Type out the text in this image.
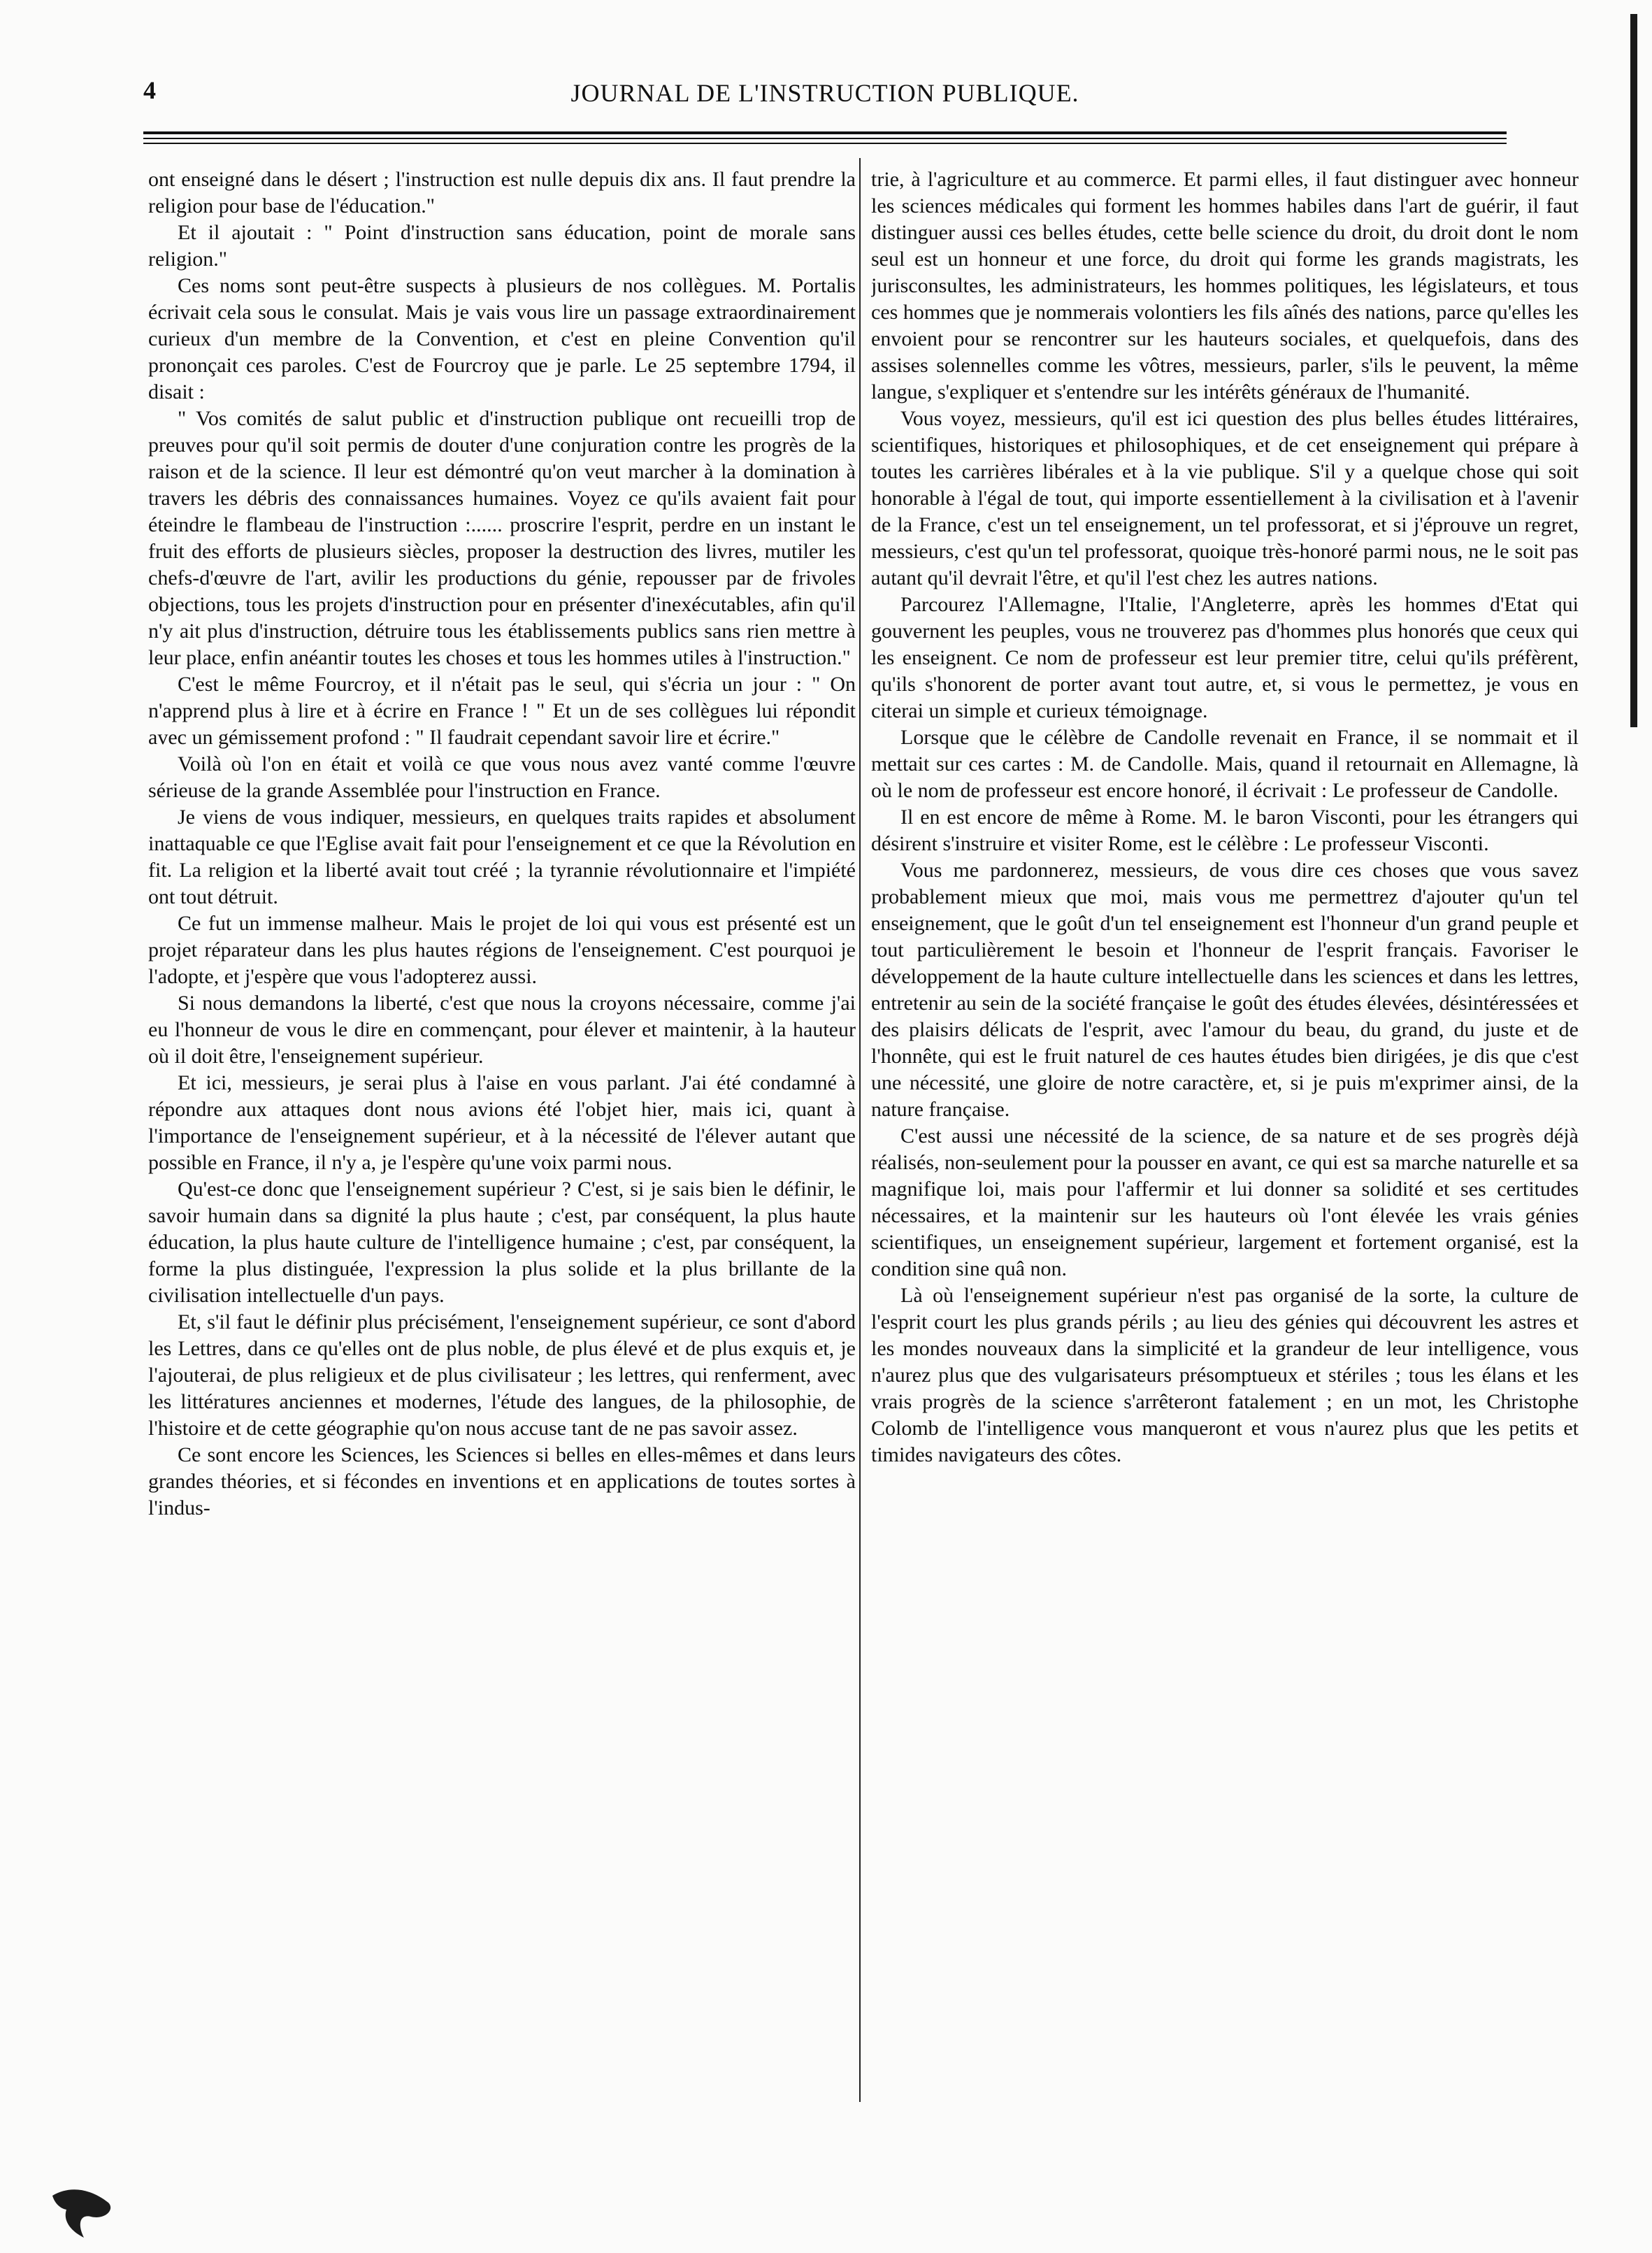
4	JOURNAL DE L'INSTRUCTION PUBLIQUE.

ont enseigné dans le désert ; l'instruction est nulle depuis dix ans. Il faut prendre la religion pour base de l'éducation."

Et il ajoutait : " Point d'instruction sans éducation, point de morale sans religion."

Ces noms sont peut-être suspects à plusieurs de nos collègues. M. Portalis écrivait cela sous le consulat. Mais je vais vous lire un passage extraordinairement curieux d'un membre de la Convention, et c'est en pleine Convention qu'il prononçait ces paroles. C'est de Fourcroy que je parle. Le 25 septembre 1794, il disait :

" Vos comités de salut public et d'instruction publique ont recueilli trop de preuves pour qu'il soit permis de douter d'une conjuration contre les progrès de la raison et de la science. Il leur est démontré qu'on veut marcher à la domination à travers les débris des connaissances humaines. Voyez ce qu'ils avaient fait pour éteindre le flambeau de l'instruction :...... proscrire l'esprit, perdre en un instant le fruit des efforts de plusieurs siècles, proposer la destruction des livres, mutiler les chefs-d'œuvre de l'art, avilir les productions du génie, repousser par de frivoles objections, tous les projets d'instruction pour en présenter d'inexécutables, afin qu'il n'y ait plus d'instruction, détruire tous les établissements publics sans rien mettre à leur place, enfin anéantir toutes les choses et tous les hommes utiles à l'instruction."

C'est le même Fourcroy, et il n'était pas le seul, qui s'écria un jour : " On n'apprend plus à lire et à écrire en France ! " Et un de ses collègues lui répondit avec un gémissement profond : " Il faudrait cependant savoir lire et écrire."

Voilà où l'on en était et voilà ce que vous nous avez vanté comme l'œuvre sérieuse de la grande Assemblée pour l'instruction en France.

Je viens de vous indiquer, messieurs, en quelques traits rapides et absolument inattaquable ce que l'Eglise avait fait pour l'enseignement et ce que la Révolution en fit. La religion et la liberté avait tout créé ; la tyrannie révolutionnaire et l'impiété ont tout détruit.

Ce fut un immense malheur. Mais le projet de loi qui vous est présenté est un projet réparateur dans les plus hautes régions de l'enseignement. C'est pourquoi je l'adopte, et j'espère que vous l'adopterez aussi.

Si nous demandons la liberté, c'est que nous la croyons nécessaire, comme j'ai eu l'honneur de vous le dire en commençant, pour élever et maintenir, à la hauteur où il doit être, l'enseignement supérieur.

Et ici, messieurs, je serai plus à l'aise en vous parlant. J'ai été condamné à répondre aux attaques dont nous avions été l'objet hier, mais ici, quant à l'importance de l'enseignement supérieur, et à la nécessité de l'élever autant que possible en France, il n'y a, je l'espère qu'une voix parmi nous.

Qu'est-ce donc que l'enseignement supérieur ? C'est, si je sais bien le définir, le savoir humain dans sa dignité la plus haute ; c'est, par conséquent, la plus haute éducation, la plus haute culture de l'intelligence humaine ; c'est, par conséquent, la forme la plus distinguée, l'expression la plus solide et la plus brillante de la civilisation intellectuelle d'un pays.

Et, s'il faut le définir plus précisément, l'enseignement supérieur, ce sont d'abord les Lettres, dans ce qu'elles ont de plus noble, de plus élevé et de plus exquis et, je l'ajouterai, de plus religieux et de plus civilisateur ; les lettres, qui renferment, avec les littératures anciennes et modernes, l'étude des langues, de la philosophie, de l'histoire et de cette géographie qu'on nous accuse tant de ne pas savoir assez.

Ce sont encore les Sciences, les Sciences si belles en elles-mêmes et dans leurs grandes théories, et si fécondes en inventions et en applications de toutes sortes à l'indus-

trie, à l'agriculture et au commerce. Et parmi elles, il faut distinguer avec honneur les sciences médicales qui forment les hommes habiles dans l'art de guérir, il faut distinguer aussi ces belles études, cette belle science du droit, du droit dont le nom seul est un honneur et une force, du droit qui forme les grands magistrats, les jurisconsultes, les administrateurs, les hommes politiques, les législateurs, et tous ces hommes que je nommerais volontiers les fils aînés des nations, parce qu'elles les envoient pour se rencontrer sur les hauteurs sociales, et quelquefois, dans des assises solennelles comme les vôtres, messieurs, parler, s'ils le peuvent, la même langue, s'expliquer et s'entendre sur les intérêts généraux de l'humanité.

Vous voyez, messieurs, qu'il est ici question des plus belles études littéraires, scientifiques, historiques et philosophiques, et de cet enseignement qui prépare à toutes les carrières libérales et à la vie publique. S'il y a quelque chose qui soit honorable à l'égal de tout, qui importe essentiellement à la civilisation et à l'avenir de la France, c'est un tel enseignement, un tel professorat, et si j'éprouve un regret, messieurs, c'est qu'un tel professorat, quoique très-honoré parmi nous, ne le soit pas autant qu'il devrait l'être, et qu'il l'est chez les autres nations.

Parcourez l'Allemagne, l'Italie, l'Angleterre, après les hommes d'Etat qui gouvernent les peuples, vous ne trouverez pas d'hommes plus honorés que ceux qui les enseignent. Ce nom de professeur est leur premier titre, celui qu'ils préfèrent, qu'ils s'honorent de porter avant tout autre, et, si vous le permettez, je vous en citerai un simple et curieux témoignage.

Lorsque que le célèbre de Candolle revenait en France, il se nommait et il mettait sur ces cartes : M. de Candolle. Mais, quand il retournait en Allemagne, là où le nom de professeur est encore honoré, il écrivait : Le professeur de Candolle.

Il en est encore de même à Rome. M. le baron Visconti, pour les étrangers qui désirent s'instruire et visiter Rome, est le célèbre : Le professeur Visconti.

Vous me pardonnerez, messieurs, de vous dire ces choses que vous savez probablement mieux que moi, mais vous me permettrez d'ajouter qu'un tel enseignement, que le goût d'un tel enseignement est l'honneur d'un grand peuple et tout particulièrement le besoin et l'honneur de l'esprit français. Favoriser le développement de la haute culture intellectuelle dans les sciences et dans les lettres, entretenir au sein de la société française le goût des études élevées, désintéressées et des plaisirs délicats de l'esprit, avec l'amour du beau, du grand, du juste et de l'honnête, qui est le fruit naturel de ces hautes études bien dirigées, je dis que c'est une nécessité, une gloire de notre caractère, et, si je puis m'exprimer ainsi, de la nature française.

C'est aussi une nécessité de la science, de sa nature et de ses progrès déjà réalisés, non-seulement pour la pousser en avant, ce qui est sa marche naturelle et sa magnifique loi, mais pour l'affermir et lui donner sa solidité et ses certitudes nécessaires, et la maintenir sur les hauteurs où l'ont élevée les vrais génies scientifiques, un enseignement supérieur, largement et fortement organisé, est la condition sine quâ non.

Là où l'enseignement supérieur n'est pas organisé de la sorte, la culture de l'esprit court les plus grands périls ; au lieu des génies qui découvrent les astres et les mondes nouveaux dans la simplicité et la grandeur de leur intelligence, vous n'aurez plus que des vulgarisateurs présomptueux et stériles ; tous les élans et les vrais progrès de la science s'arrêteront fatalement ; en un mot, les Christophe Colomb de l'intelligence vous manqueront et vous n'aurez plus que les petits et timides navigateurs des côtes.
